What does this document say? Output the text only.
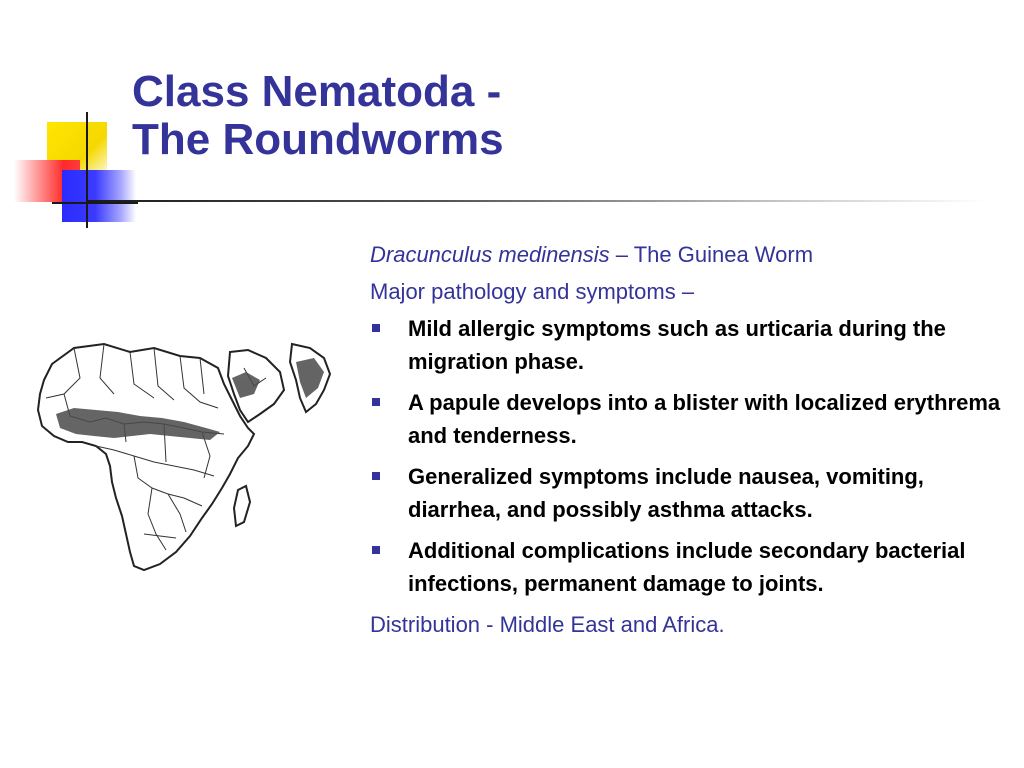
Class Nematoda -
The Roundworms
Dracunculus medinensis – The Guinea Worm
Major pathology and symptoms –
Mild allergic symptoms such as urticaria during the migration phase.
A papule develops into a blister with localized erythrema and tenderness.
Generalized symptoms include nausea, vomiting, diarrhea, and possibly asthma attacks.
Additional complications include secondary bacterial infections, permanent damage to joints.
Distribution - Middle East and Africa.
